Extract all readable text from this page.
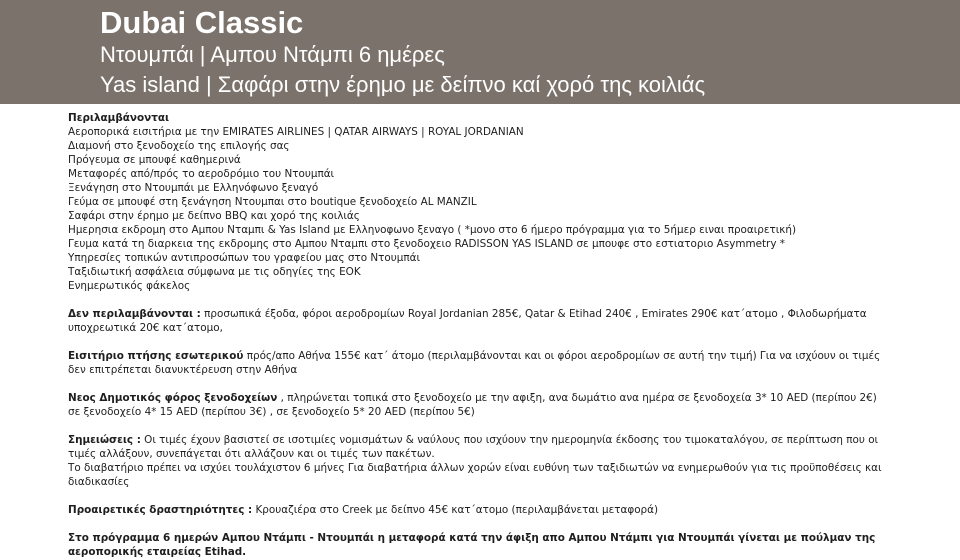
Dubai Classic
Ντουμπάι | Αμπου Ντάμπι 6 ημέρες
Yas island | Σαφάρι στην έρημο με δείπνο καί χορό της κοιλιάς
Περιλαμβάνονται
Αεροπορικά εισιτήρια με την EMIRATES AIRLINES | QATAR AIRWAYS | ROYAL JORDANIAN
Διαμονή στο ξενοδοχείο της επιλογής σας
Πρόγευμα σε μπουφέ καθημερινά
Μεταφορές από/πρός το αεροδρόμιο του Ντουμπάι
Ξενάγηση στο Ντουμπάι με Ελληνόφωνο ξεναγό
Γεύμα σε μπουφέ στη ξενάγηση Ντουμπαι στο boutique ξενοδοχείο AL MANZIL
Σαφάρι στην έρημο με δείπνο BBQ και χορό της κοιλιάς
Ημερησια εκδρομη στο Αμπου Νταμπι & Yas Island με Ελληνοφωνο ξεναγο ( *μονο στο 6 ήμερο πρόγραμμα για το 5ήμερ ειναι προαιρετική)
Γευμα κατά τη διαρκεια της εκδρομης στο Αμπου Νταμπι στο ξενοδοχειο RADISSON YAS ISLAND σε μπουφε στο εστιατοριο Asymmetry *
Υπηρεσίες τοπικών αντιπροσώπων του γραφείου μας στο Ντουμπάι
Ταξιδιωτική ασφάλεια σύμφωνα με τις οδηγίες της ΕΟΚ
Ενημερωτικός φάκελος
Δεν περιλαμβάνονται : προσωπικά έξοδα, φόροι αεροδρομίων Royal Jordanian 285€, Qatar & Etihad 240€ , Emirates 290€ κατ΄ατομο , Φιλοδωρήματα υποχρεωτικά 20€ κατ΄ατομο,
Εισιτήριο πτήσης εσωτερικού πρός/απο Αθήνα 155€ κατ΄ άτομο (περιλαμβάνονται και οι φόροι αεροδρομίων σε αυτή την τιμή) Για να ισχύουν οι τιμές δεν επιτρέπεται διανυκτέρευση στην Αθήνα
Νεος Δημοτικός φόρος ξενοδοχείων , πληρώνεται τοπικά στο ξενοδοχείο με την αφιξη, ανα δωμάτιο ανα ημέρα σε ξενοδοχεία 3* 10 AED (περίπου 2€) σε ξενοδοχείο 4* 15 AED (περίπου 3€) , σε ξενοδοχείο 5* 20 AED (περίπου 5€)
Σημειώσεις : Οι τιμές έχουν βασιστεί σε ισοτιμίες νομισμάτων & ναύλους που ισχύουν την ημερομηνία έκδοσης του τιμοκαταλόγου, σε περίπτωση που οι τιμές αλλάξουν, συνεπάγεται ότι αλλάζουν και οι τιμές των πακέτων.
Το διαβατήριο πρέπει να ισχύει τουλάχιστον 6 μήνες Για διαβατήρια άλλων χορών είναι ευθύνη των ταξιδιωτών να ενημερωθούν για τις προϋποθέσεις και διαδικασίες
Προαιρετικές δραστηριότητες : Κρουαζιέρα στο Creek με δείπνο 45€ κατ΄ατομο (περιλαμβάνεται μεταφορά)
Στο πρόγραμμα 6 ημερών Αμπου Ντάμπι - Ντουμπάι η μεταφορά κατά την άφιξη απο Αμπου Ντάμπι για Ντουμπάι γίνεται με πούλμαν της αεροπορικής εταιρείας Etihad.
